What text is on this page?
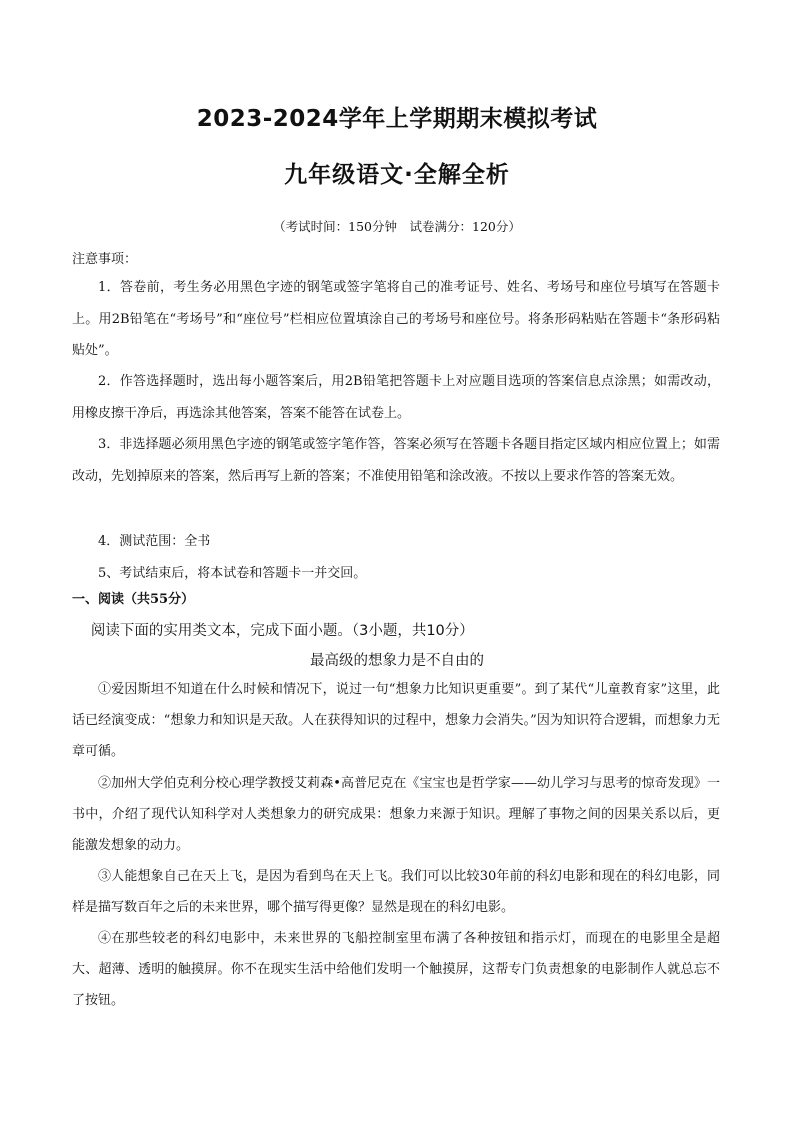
2023-2024学年上学期期末模拟考试
九年级语文·全解全析
（考试时间：150分钟　试卷满分：120分）
注意事项：

1．答卷前，考生务必用黑色字迹的钢笔或签字笔将自己的准考证号、姓名、考场号和座位号填写在答题卡上。用2B铅笔在“考场号”和“座位号”栏相应位置填涂自己的考场号和座位号。将条形码粘贴在答题卡“条形码粘贴处”。

2．作答选择题时，选出每小题答案后，用2B铅笔把答题卡上对应题目选项的答案信息点涂黑；如需改动，用橡皮擦干净后，再选涂其他答案，答案不能答在试卷上。

3．非选择题必须用黑色字迹的钢笔或签字笔作答，答案必须写在答题卡各题目指定区域内相应位置上；如需改动，先划掉原来的答案，然后再写上新的答案；不准使用铅笔和涂改液。不按以上要求作答的答案无效。

4．测试范围：全书

5、考试结束后，将本试卷和答题卡一并交回。

一、阅读（共55分）
阅读下面的实用类文本，完成下面小题。（3小题，共10分）
最高级的想象力是不自由的

①爱因斯坦不知道在什么时候和情况下，说过一句“想象力比知识更重要”。到了某代“儿童教育家”这里，此话已经演变成：“想象力和知识是天敌。人在获得知识的过程中，想象力会消失。”因为知识符合逻辑，而想象力无章可循。

②加州大学伯克利分校心理学教授艾莉森•高普尼克在《宝宝也是哲学家——幼儿学习与思考的惊奇发现》一书中，介绍了现代认知科学对人类想象力的研究成果：想象力来源于知识。理解了事物之间的因果关系以后，更能激发想象的动力。

③人能想象自己在天上飞，是因为看到鸟在天上飞。我们可以比较30年前的科幻电影和现在的科幻电影，同样是描写数百年之后的未来世界，哪个描写得更像？显然是现在的科幻电影。

④在那些较老的科幻电影中，未来世界的飞船控制室里布满了各种按钮和指示灯，而现在的电影里全是超大、超薄、透明的触摸屏。你不在现实生活中给他们发明一个触摸屏，这帮专门负责想象的电影制作人就总忘不了按钮。
